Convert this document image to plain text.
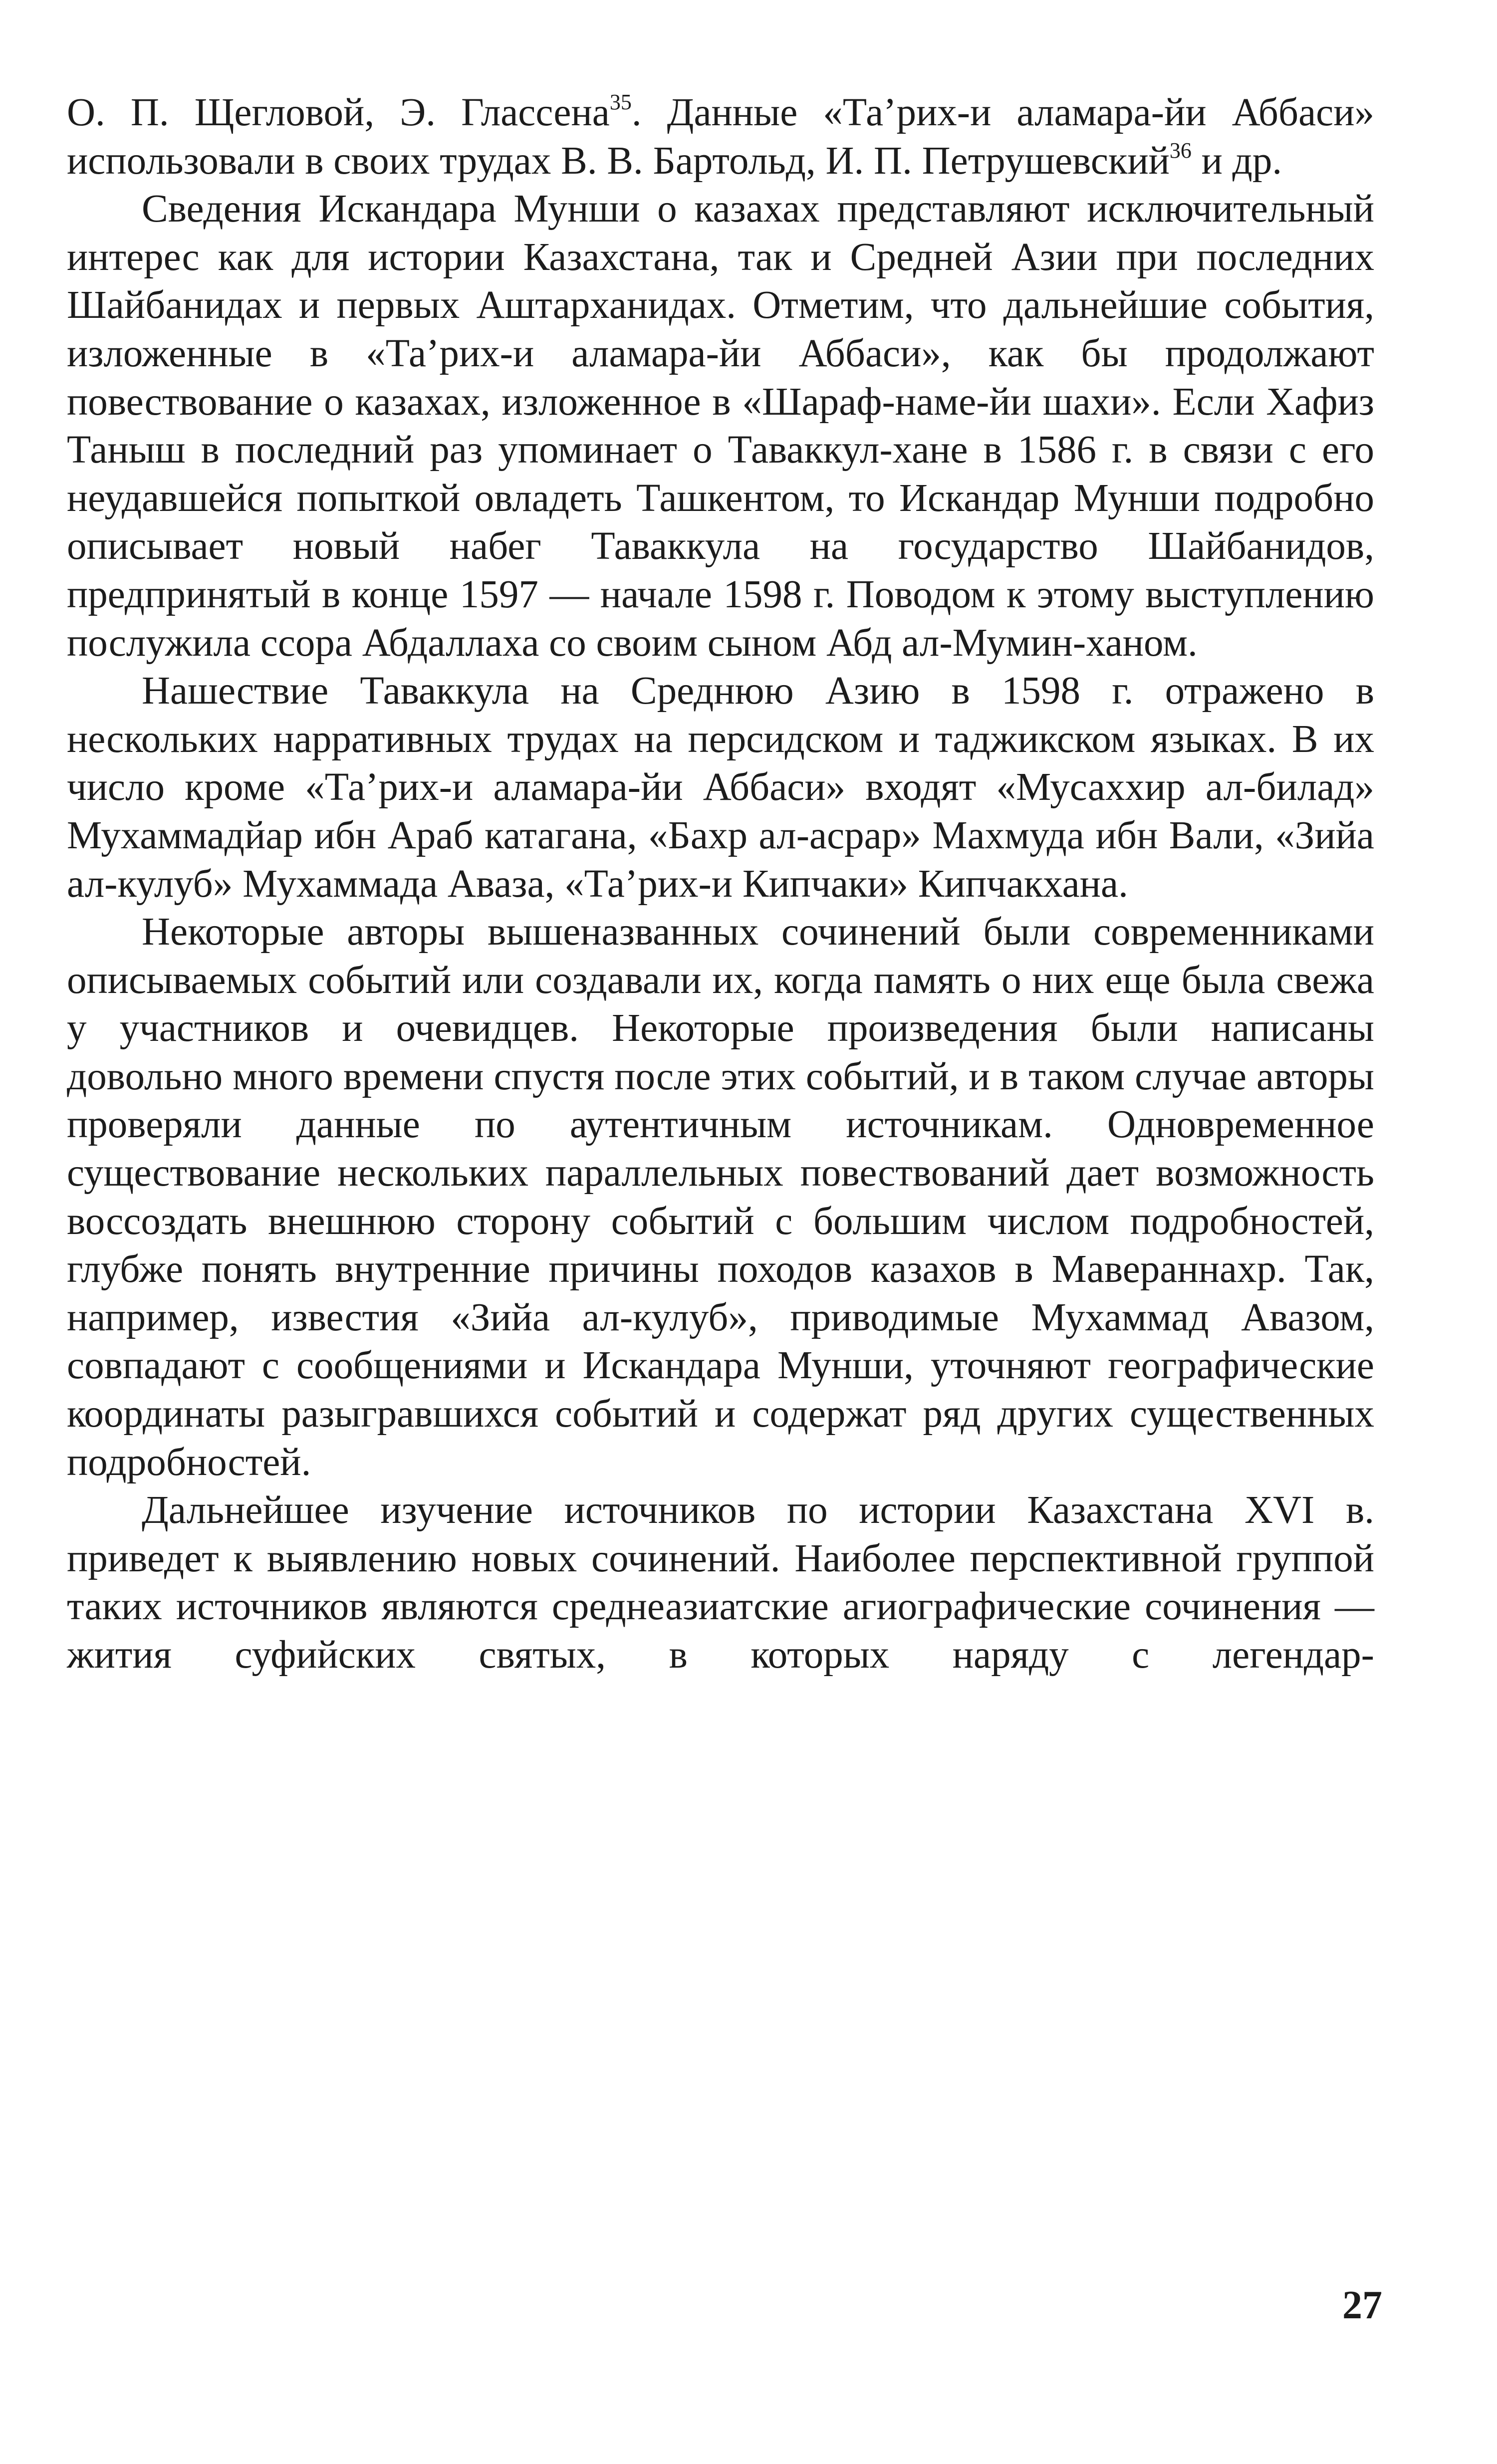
О. П. Щегловой, Э. Глассена$^{35}$. Данные «Та’рих-и аламара-йи Аббаси» использовали в своих трудах В. В. Бартольд, И. П. Петрушевский$^{36}$ и др.

Сведения Искандара Мунши о казахах представляют исключительный интерес как для истории Казахстана, так и Средней Азии при последних Шайбанидах и первых Аштарханидах. Отметим, что дальнейшие события, изложенные в «Та’рих-и аламара-йи Аббаси», как бы продолжают повествование о казахах, изложенное в «Шараф-наме-йи шахи». Если Хафиз Таныш в последний раз упоминает о Таваккул-хане в 1586 г. в связи с его неудавшейся попыткой овладеть Ташкентом, то Искандар Мунши подробно описывает новый набег Таваккула на государство Шайбанидов, предпринятый в конце 1597 — начале 1598 г. Поводом к этому выступлению послужила ссора Абдаллаха со своим сыном Абд ал-Мумин-ханом.

Нашествие Таваккула на Среднюю Азию в 1598 г. отражено в нескольких нарративных трудах на персидском и таджикском языках. В их число кроме «Та’рих-и аламара-йи Аббаси» входят «Мусаххир ал-билад» Мухаммадйар ибн Араб катагана, «Бахр ал-асрар» Махмуда ибн Вали, «Зийа ал-кулуб» Мухаммада Аваза, «Та’рих-и Кипчаки» Кипчакхана.

Некоторые авторы вышеназванных сочинений были современниками описываемых событий или создавали их, когда память о них еще была свежа у участников и очевидцев. Некоторые произведения были написаны довольно много времени спустя после этих событий, и в таком случае авторы проверяли данные по аутентичным источникам. Одновременное существование нескольких параллельных повествований дает возможность воссоздать внешнюю сторону событий с большим числом подробностей, глубже понять внутренние причины походов казахов в Мавераннахр. Так, например, известия «Зийа ал-кулуб», приводимые Мухаммад Авазом, совпадают с сообщениями и Искандара Мунши, уточняют географические координаты разыгравшихся событий и содержат ряд других существенных подробностей.

Дальнейшее изучение источников по истории Казахстана XVI в. приведет к выявлению новых сочинений. Наиболее перспективной группой таких источников являются среднеазиатские агиографические сочинения — жития суфийских святых, в которых наряду с легендар-

27
